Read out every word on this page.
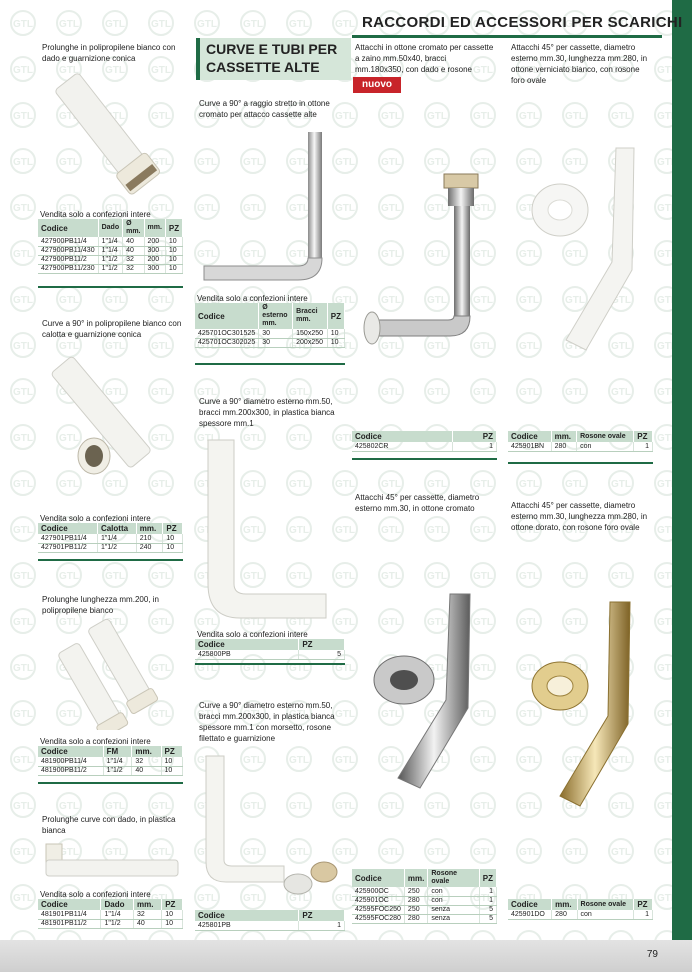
79
RACCORDI ED ACCESSORI PER SCARICHI
CURVE E TUBI PER CASSETTE ALTE
Prolunghe in polipropilene bianco con dado e guarnizione conica
Vendita solo a confezioni intere
Codice	Dado	Ø mm.	mm.	PZ
427900PB11/4	1"1/4	40	200	10
427900PB11/430	1"1/4	40	300	10
427900PB11/2	1"1/2	32	200	10
427900PB11/230	1"1/2	32	300	10
Curve a 90° in polipropilene bianco con calotta e guarnizione conica
Vendita solo a confezioni intere
Codice	Calotta	mm.	PZ
427901PB11/4	1"1/4	210	10
427901PB11/2	1"1/2	240	10
Prolunghe lunghezza mm.200, in polipropilene bianco
Vendita solo a confezioni intere
Codice	FM	mm.	PZ
481900PB11/4	1"1/4	32	10
481900PB11/2	1"1/2	40	10
Prolunghe curve con dado, in plastica bianca
Vendita solo a confezioni intere
Codice	Dado	mm.	PZ
481901PB11/4	1"1/4	32	10
481901PB11/2	1"1/2	40	10
Curve a 90° a raggio stretto in ottone cromato per attacco cassette alte
Vendita solo a confezioni intere
Codice	Ø esterno mm.	Bracci mm.	PZ
425701OC301525	30	150x250	10
425701OC302025	30	200x250	10
Curve a 90° diametro esterno mm.50, bracci mm.200x300, in plastica bianca spessore mm.1
Vendita solo a confezioni intere
Codice	PZ
425800PB	5
Curve a 90° diametro esterno mm.50, bracci mm.200x300, in plastica bianca spessore mm.1 con morsetto, rosone filettato e guarnizione
Codice	PZ
425801PB	1
Attacchi in ottone cromato per cassette a zaino mm.50x40, bracci mm.180x350, con dado e rosone
nuovo
Codice	PZ
425802CR	1
Attacchi 45° per cassette, diametro esterno mm.30, in ottone cromato
Codice	mm.	Rosone ovale	PZ
425900OC	250	con	1
425901OC	280	con	1
42595FOC250	250	senza	5
42595FOC280	280	senza	5
Attacchi 45° per cassette, diametro esterno mm.30, lunghezza mm.280, in ottone verniciato bianco, con rosone foro ovale
Codice	mm.	Rosone ovale	PZ
425901BN	280	con	1
Attacchi 45° per cassette, diametro esterno mm.30, lunghezza mm.280, in ottone dorato, con rosone foro ovale
Codice	mm.	Rosone ovale	PZ
425901DO	280	con	1
